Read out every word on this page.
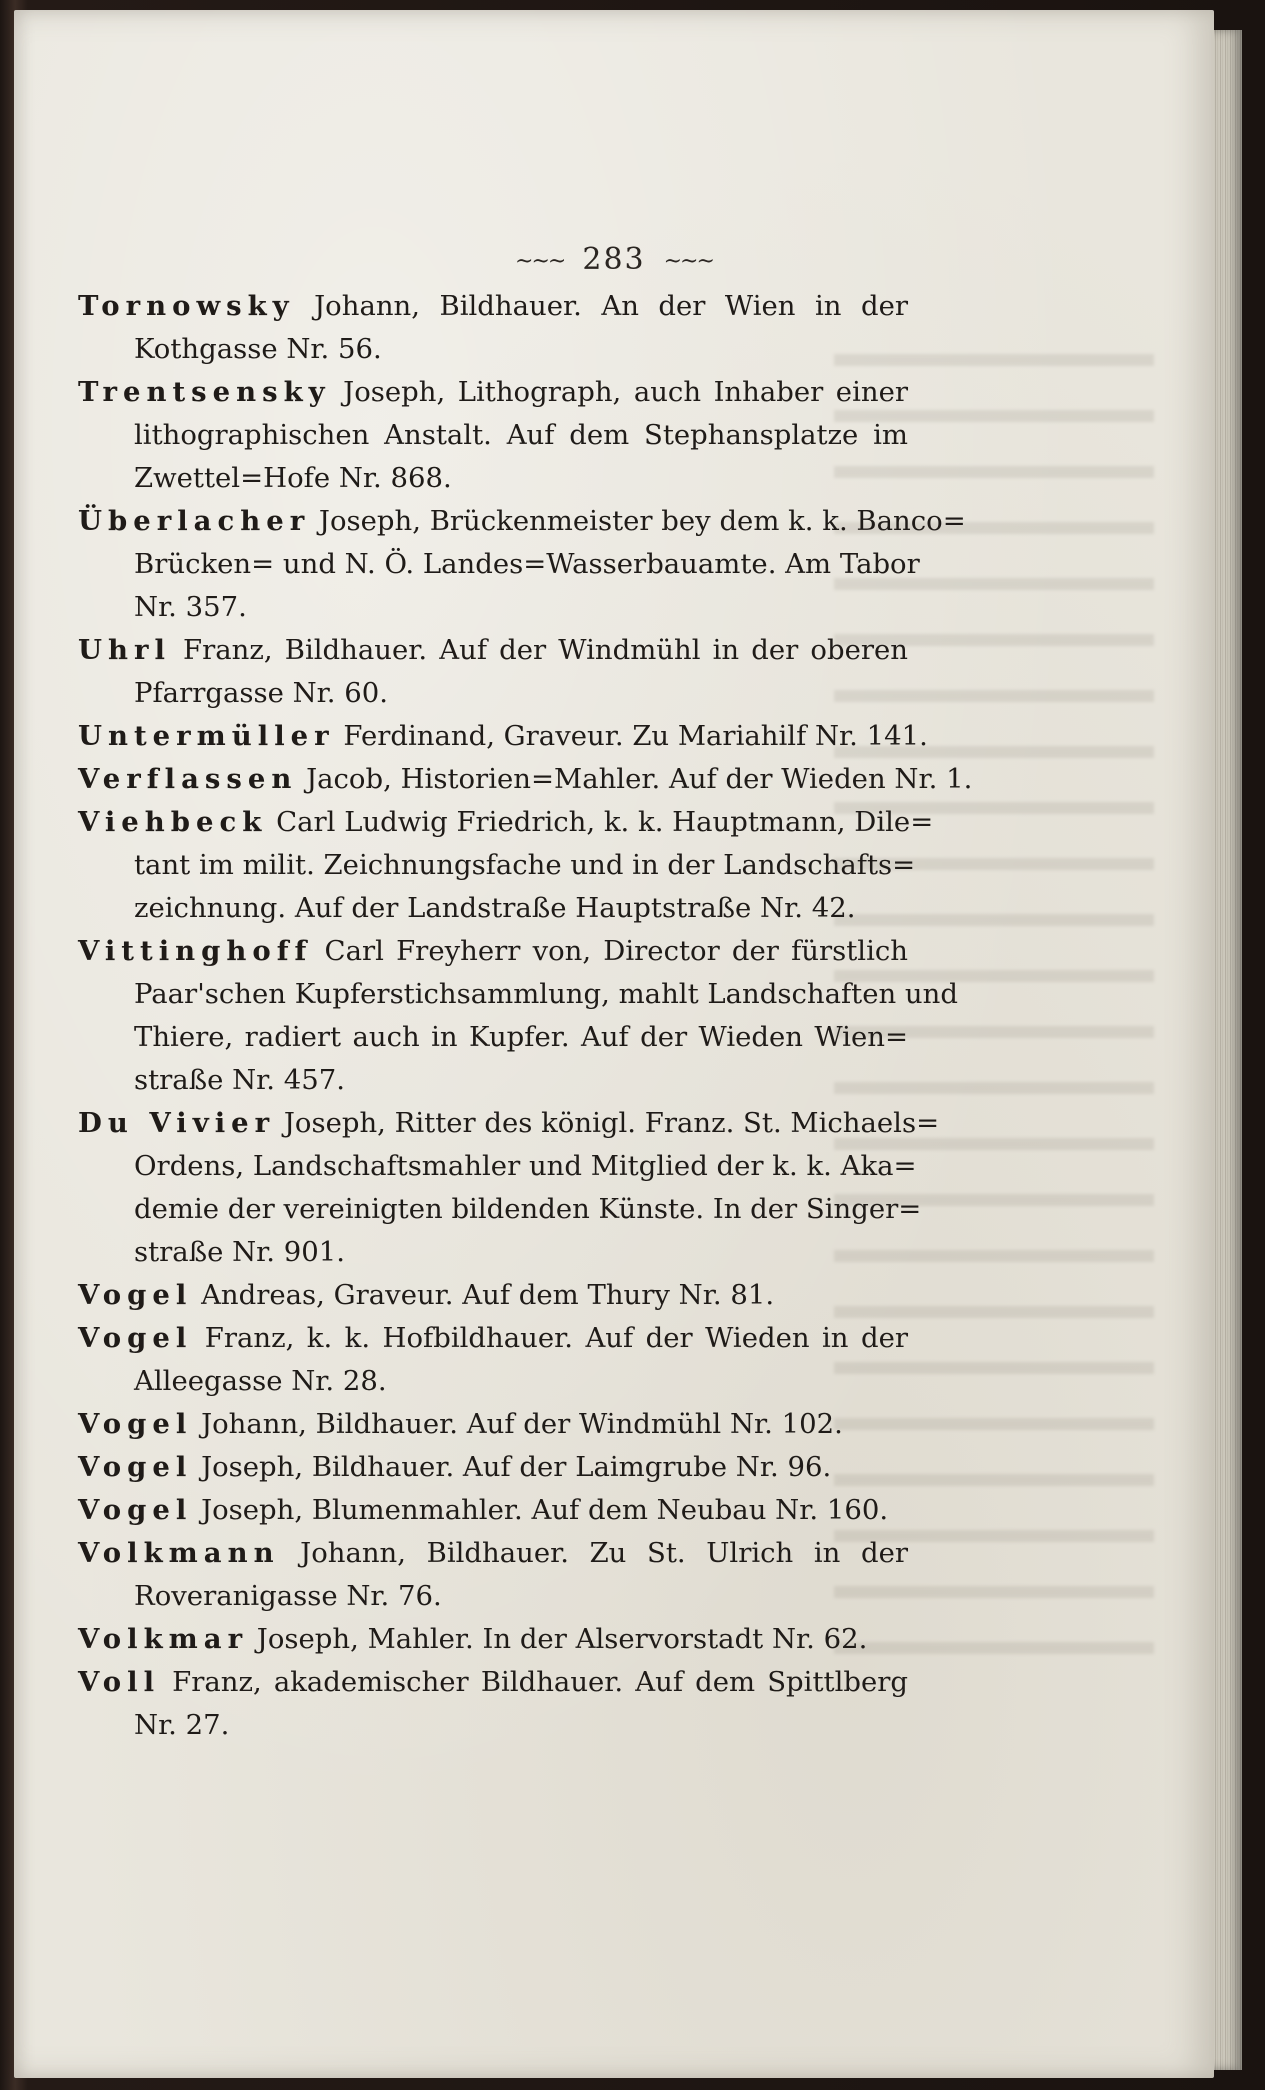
~~~ 283 ~~~

Tornowsky Johann, Bildhauer. An der Wien in der
Kothgasse Nr. 56.

Trentsensky Joseph, Lithograph, auch Inhaber einer
lithographischen Anstalt. Auf dem Stephansplatze im
Zwettel=Hofe Nr. 868.

Überlacher Joseph, Brückenmeister bey dem k. k. Banco=
Brücken= und N. Ö. Landes=Wasserbauamte. Am Tabor
Nr. 357.

Uhrl Franz, Bildhauer. Auf der Windmühl in der oberen
Pfarrgasse Nr. 60.

Untermüller Ferdinand, Graveur. Zu Mariahilf Nr. 141.

Verflassen Jacob, Historien=Mahler. Auf der Wieden Nr. 1.

Viehbeck Carl Ludwig Friedrich, k. k. Hauptmann, Dile=
tant im milit. Zeichnungsfache und in der Landschafts=
zeichnung. Auf der Landstraße Hauptstraße Nr. 42.

Vittinghoff Carl Freyherr von, Director der fürstlich
Paar'schen Kupferstichsammlung, mahlt Landschaften und
Thiere, radiert auch in Kupfer. Auf der Wieden Wien=
straße Nr. 457.

Du Vivier Joseph, Ritter des königl. Franz. St. Michaels=
Ordens, Landschaftsmahler und Mitglied der k. k. Aka=
demie der vereinigten bildenden Künste. In der Singer=
straße Nr. 901.

Vogel Andreas, Graveur. Auf dem Thury Nr. 81.

Vogel Franz, k. k. Hofbildhauer. Auf der Wieden in der
Alleegasse Nr. 28.

Vogel Johann, Bildhauer. Auf der Windmühl Nr. 102.

Vogel Joseph, Bildhauer. Auf der Laimgrube Nr. 96.

Vogel Joseph, Blumenmahler. Auf dem Neubau Nr. 160.

Volkmann Johann, Bildhauer. Zu St. Ulrich in der
Roveranigasse Nr. 76.

Volkmar Joseph, Mahler. In der Alservorstadt Nr. 62.

Voll Franz, akademischer Bildhauer. Auf dem Spittlberg
Nr. 27.
